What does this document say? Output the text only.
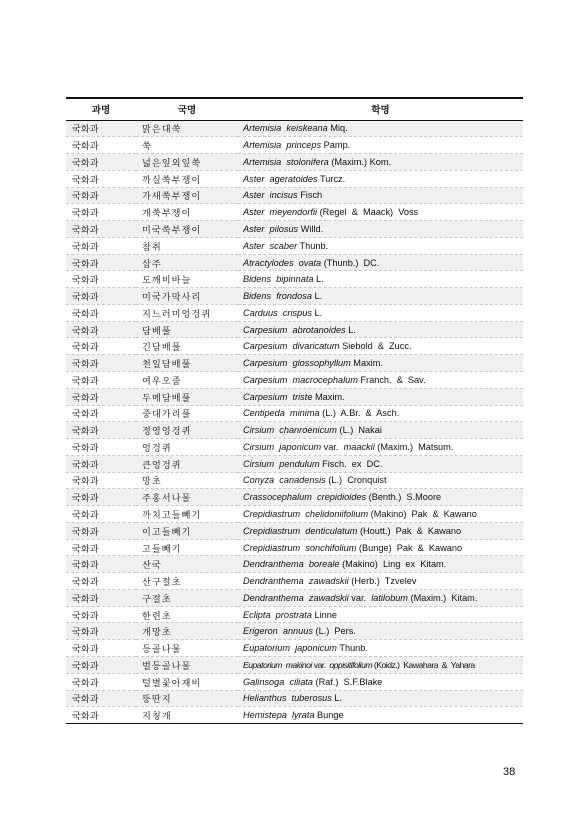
과명	국명	학명
국화과	맑은대쑥	Artemisia  keiskeana Miq.
국화과	쑥	Artemisia  princeps Pamp.
국화과	넓은잎외잎쑥	Artemisia  stolonifera (Maxim.) Kom.
국화과	까실쑥부쟁이	Aster  ageratoides Turcz.
국화과	가새쑥부쟁이	Aster  incisus Fisch
국화과	개쑥부쟁이	Aster  meyendorfii (Regel  &  Maack)  Voss
국화과	미국쑥부쟁이	Aster  pilosus Willd.
국화과	참취	Aster  scaber Thunb.
국화과	삽주	Atractylodes  ovata (Thunb.)  DC.
국화과	도깨비바늘	Bidens  bipinnata L.
국화과	미국가막사리	Bidens  frondosa L.
국화과	지느러미엉겅퀴	Carduus  crispus L.
국화과	담배풀	Carpesium  abrotanoides L.
국화과	긴담배풀	Carpesium  divaricatum Siebold  &  Zucc.
국화과	천일담배풀	Carpesium  glossophyllum Maxim.
국화과	여우오줌	Carpesium  macrocephalum Franch.  &  Sav.
국화과	두메담배풀	Carpesium  triste Maxim.
국화과	중대가리풀	Centipeda  minima (L.)  A.Br.  &  Asch.
국화과	정영엉겅퀴	Cirsium  chanroenicum (L.)  Nakai
국화과	엉겅퀴	Cirsium  japonicum var.  maackii (Maxim.)  Matsum.
국화과	큰엉겅퀴	Cirsium  pendulum Fisch.  ex  DC.
국화과	망초	Conyza  canadensis (L.)  Cronquist
국화과	주홍서나물	Crassocephalum  crepidioides (Benth.)  S.Moore
국화과	까치고들빼기	Crepidiastrum  chelidoniifolium (Makino)  Pak  &  Kawano
국화과	이고들빼기	Crepidiastrum  denticulatum (Houtt.)  Pak  &  Kawano
국화과	고들빼기	Crepidiastrum  sonchifolium (Bunge)  Pak  &  Kawano
국화과	산국	Dendranthema  boreale (Makino)  Ling  ex  Kitam.
국화과	산구절초	Dendranthema  zawadskii (Herb.)  Tzvelev
국화과	구절초	Dendranthema  zawadskii var.  latilobum (Maxim.)  Kitam.
국화과	한련초	Eclipta  prostrata Linne
국화과	개망초	Erigeron  annuus (L.)  Pers.
국화과	등골나물	Eupatorium  japonicum Thunb.
국화과	벌등골나물	Eupatorium  makinoi var.  oppisitifolium (Koidz.)  Kawahara  &  Yahara
국화과	털별꽃아재비	Galinsoga  ciliata (Raf.)  S.F.Blake
국화과	뚱딴지	Helianthus  tuberosus L.
국화과	지칭개	Hemistepa  lyrata Bunge
38
